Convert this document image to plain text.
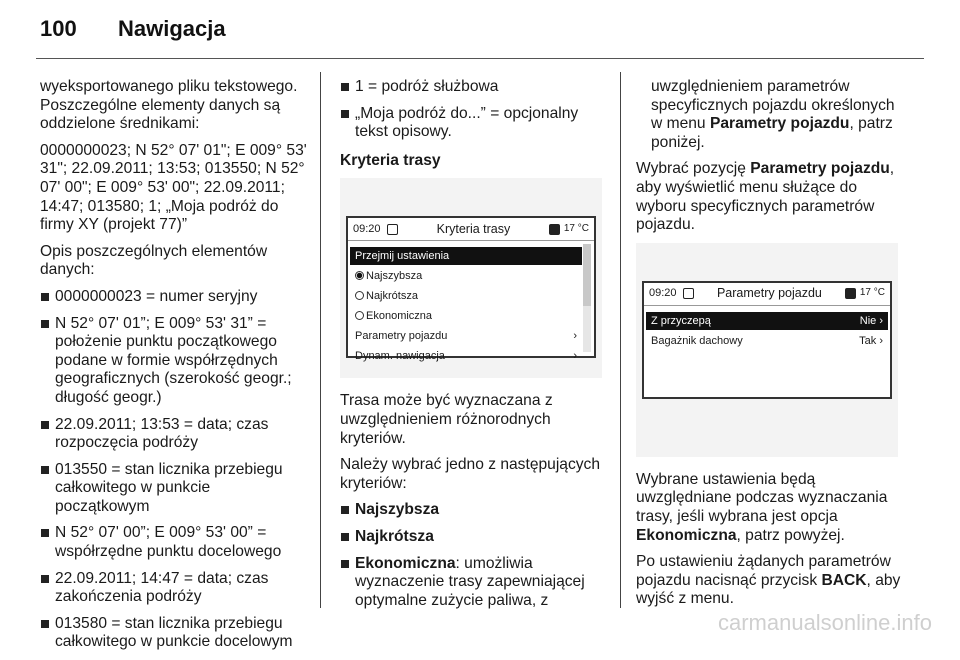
100 Nawigacja

wyeksportowanego pliku tekstowego. Poszczególne elementy danych są oddzielone średnikami:

0000000023; N 52° 07' 01"; E 009° 53' 31"; 22.09.2011; 13:53; 013550; N 52° 07' 00"; E 009° 53' 00"; 22.09.2011; 14:47; 013580; 1; „Moja podróż do firmy XY (projekt 77)”

Opis poszczególnych elementów danych:

0000000023 = numer seryjny
N 52° 07' 01”; E 009° 53' 31” = położenie punktu początkowego podane w formie współrzędnych geograficznych (szerokość geogr.; długość geogr.)
22.09.2011; 13:53 = data; czas rozpoczęcia podróży
013550 = stan licznika przebiegu całkowitego w punkcie początkowym
N 52° 07' 00”; E 009° 53' 00” = współrzędne punktu docelowego
22.09.2011; 14:47 = data; czas zakończenia podróży
013580 = stan licznika przebiegu całkowitego w punkcie docelowym
1 = podróż służbowa
„Moja podróż do...” = opcjonalny tekst opisowy.

Kryteria trasy

09:20	Kryteria trasy	17 °C
Przejmij ustawienia
Najszybsza
Najkrótsza
Ekonomiczna
Parametry pojazdu	›
Dynam. nawigacja	›

Trasa może być wyznaczana z uwzględnieniem różnorodnych kryteriów.

Należy wybrać jedno z następujących kryteriów:

Najszybsza
Najkrótsza
Ekonomiczna: umożliwia wyznaczenie trasy zapewniającej optymalne zużycie paliwa, z

uwzględnieniem parametrów specyficznych pojazdu określonych w menu Parametry pojazdu, patrz poniżej.

Wybrać pozycję Parametry pojazdu, aby wyświetlić menu służące do wyboru specyficznych parametrów pojazdu.

09:20	Parametry pojazdu	17 °C
Z przyczepą	Nie ›
Bagażnik dachowy	Tak ›

Wybrane ustawienia będą uwzględniane podczas wyznaczania trasy, jeśli wybrana jest opcja Ekonomiczna, patrz powyżej.

Po ustawieniu żądanych parametrów pojazdu nacisnąć przycisk BACK, aby wyjść z menu.

carmanualsonline.info
